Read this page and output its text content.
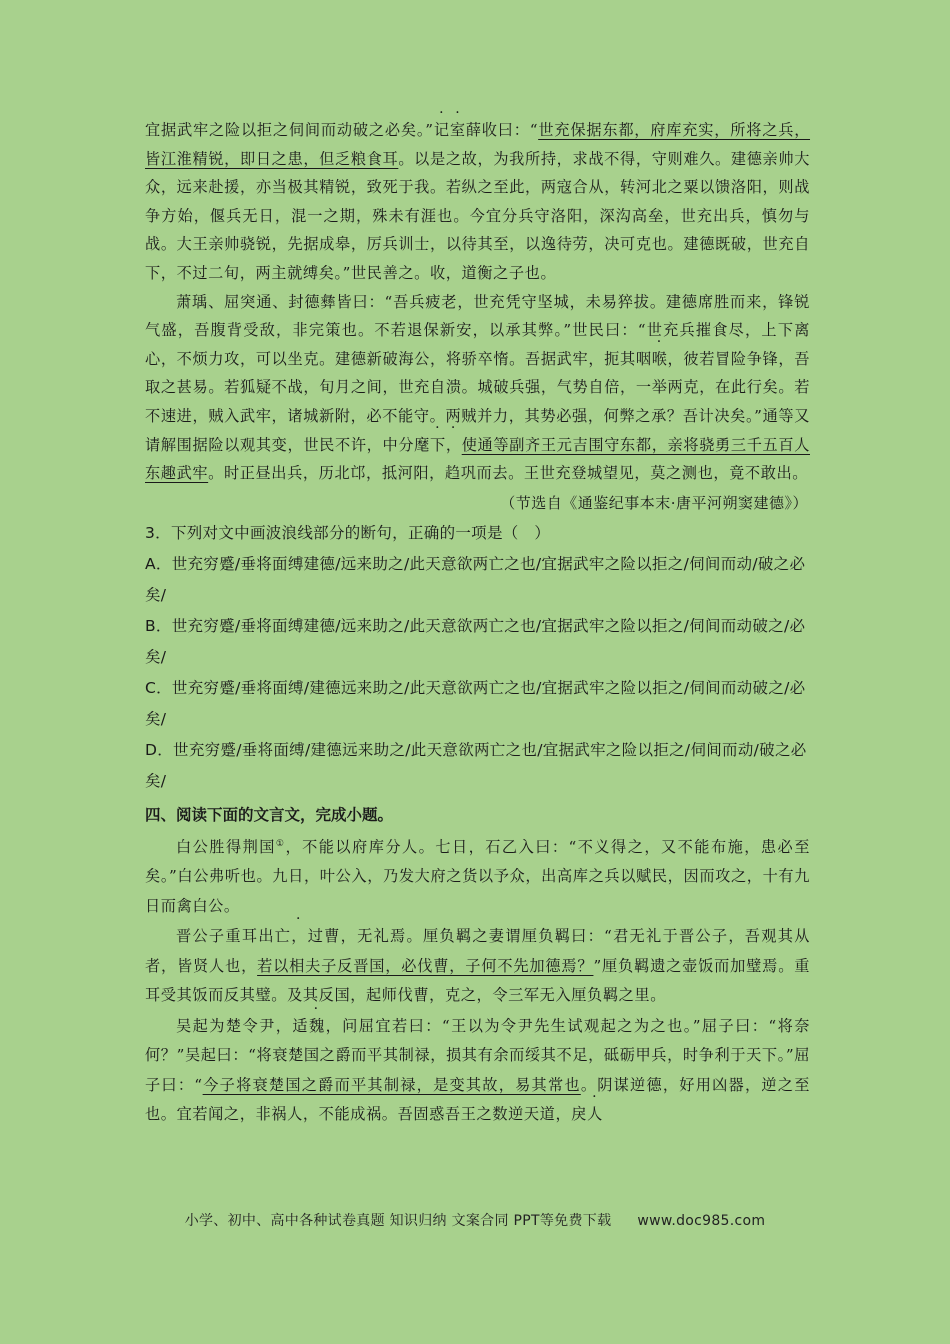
宜据武牢之险以拒之伺间而动破之必矣。”记室薛收曰：“世充保据东都，府库充实，所将之兵，皆江淮精锐，即日之患，但乏粮食耳。以是之故，为我所持，求战不得，守则难久。建德亲帅大众，远来赴援，亦当极其精锐，致死于我。若纵之至此，两寇合从，转河北之粟以馈洛阳，则战争方始，偃兵无日，混一之期，殊未有涯也。今宜分兵守洛阳，深沟高垒，世充出兵，慎勿与战。大王亲帅骁锐，先据成皋，厉兵训士，以待其至，以逸待劳，决可克也。建德既破，世充自下，不过二旬，两主就缚矣。”世民善之。收，道衡之子也。

萧瑀、屈突通、封德彝皆曰：“吾兵疲老，世充凭守坚城，未易猝拔。建德席胜而来，锋锐气盛，吾腹背受敌，非完策也。不若退保新安，以承其弊。”世民曰：“世充兵摧食尽，上下离心，不烦力攻，可以坐克。建德新破海公，将骄卒惰。吾据武牢，扼其咽喉，彼若冒险争锋，吾取之甚易。若狐疑不战，旬月之间，世充自溃。城破兵强，气势自倍，一举两克，在此行矣。若不速进，贼入武牢，诸城新附，必不能守。两贼并力，其势必强，何弊之承？吾计决矣。”通等又请解围据险以观其变，世民不许，中分麾下，使通等副齐王元吉围守东都，亲将骁勇三千五百人东趣武牢。时正昼出兵，历北邙，抵河阳，趋巩而去。王世充登城望见，莫之测也，竟不敢出。

（节选自《通鉴纪事本末·唐平河朔窦建德》）

3．下列对文中画波浪线部分的断句，正确的一项是（　）

A．世充穷蹙/垂将面缚建德/远来助之/此天意欲两亡之也/宜据武牢之险以拒之/伺间而动/破之必矣/

B．世充穷蹙/垂将面缚建德/远来助之/此天意欲两亡之也/宜据武牢之险以拒之/伺间而动破之/必矣/

C．世充穷蹙/垂将面缚/建德远来助之/此天意欲两亡之也/宜据武牢之险以拒之/伺间而动破之/必矣/

D．世充穷蹙/垂将面缚/建德远来助之/此天意欲两亡之也/宜据武牢之险以拒之/伺间而动/破之必矣/

四、阅读下面的文言文，完成小题。

白公胜得荆国①，不能以府库分人。七日，石乙入曰：“不义得之，又不能布施，患必至矣。”白公弗听也。九日，叶公入，乃发大府之货以予众，出高库之兵以赋民，因而攻之，十有九日而禽白公。

晋公子重耳出亡，过曹，无礼焉。厘负羁之妻谓厘负羁曰：“君无礼于晋公子，吾观其从者，皆贤人也，若以相夫子反晋国，必伐曹，子何不先加德焉？”厘负羁遗之壶饭而加璧焉。重耳受其饭而反其璧。及其反国，起师伐曹，克之，令三军无入厘负羁之里。

吴起为楚令尹，适魏，问屈宜若曰：“王以为令尹先生试观起之为之也。”屈子曰：“将奈何？”吴起曰：“将衰楚国之爵而平其制禄，损其有余而绥其不足，砥砺甲兵，时争利于天下。”屈子曰：“今子将衰楚国之爵而平其制禄，是变其故，易其常也。阴谋逆德，好用凶器，逆之至也。宜若闻之，非祸人，不能成祸。吾固惑吾王之数逆天道，戾人

小学、初中、高中各种试卷真题 知识归纳 文案合同 PPT等免费下载 www.doc985.com
